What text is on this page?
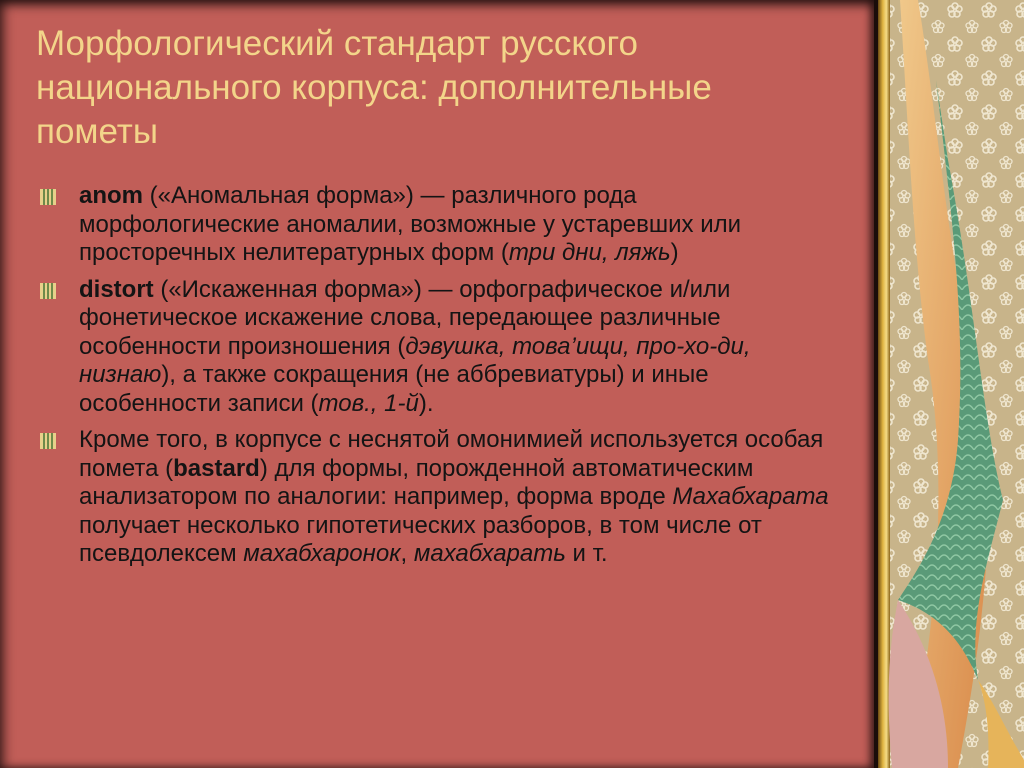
Морфологический стандарт русского национального корпуса: дополнительные пометы
anom («Аномальная форма») — различного рода морфологические аномалии, возможные у устаревших или просторечных нелитературных форм (три дни, ляжь)
distort («Искаженная форма») — орфографическое и/или фонетическое искажение слова, передающее различные особенности произношения (дэвушка, това’ищи, про-хо-ди, низнаю), а также сокращения (не аббревиатуры) и иные особенности записи (тов., 1-й).
Кроме того, в корпусе с неснятой омонимией используется особая помета (bastard) для формы, порожденной автоматическим анализатором по аналогии: например, форма вроде Махабхарата получает несколько гипотетических разборов, в том числе от псевдолексем махабхаронок, махабхарать и т.
